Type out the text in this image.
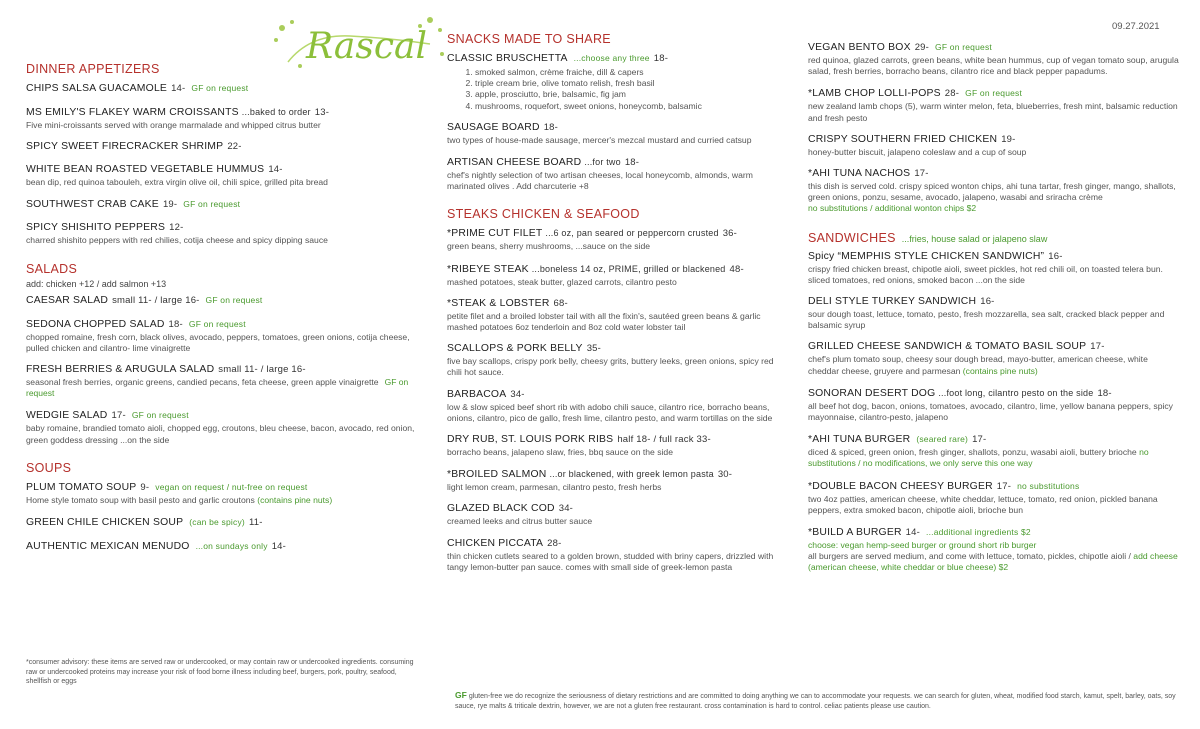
Rascal	09.27.2021
DINNER APPETIZERS
CHIPS SALSA GUACAMOLE 14- GF on request
MS EMILY'S FLAKEY WARM CROISSANTS ...baked to order 13-
Five mini-croissants served with orange marmalade and whipped citrus butter
SPICY SWEET FIRECRACKER SHRIMP 22-
WHITE BEAN ROASTED VEGETABLE HUMMUS 14-
bean dip, red quinoa tabouleh, extra virgin olive oil, chili spice, grilled pita bread
SOUTHWEST CRAB CAKE 19- GF on request
SPICY SHISHITO PEPPERS 12-
charred shishito peppers with red chilies, cotija cheese and spicy dipping sauce
SALADS
add: chicken +12 / add salmon +13
CAESAR SALAD small 11- / large 16- GF on request
SEDONA CHOPPED SALAD 18- GF on request
chopped romaine, fresh corn, black olives, avocado, peppers, tomatoes, green onions, cotija cheese, pulled chicken and cilantro- lime vinaigrette
FRESH BERRIES & ARUGULA SALAD small 11- / large 16-
seasonal fresh berries, organic greens, candied pecans, feta cheese, green apple vinaigrette GF on request
WEDGIE SALAD 17- GF on request
baby romaine, brandied tomato aioli, chopped egg, croutons, bleu cheese, bacon, avocado, red onion, green goddess dressing ...on the side
SOUPS
PLUM TOMATO SOUP 9- vegan on request / nut-free on request
Home style tomato soup with basil pesto and garlic croutons (contains pine nuts)
GREEN CHILE CHICKEN SOUP (can be spicy) 11-
AUTHENTIC MEXICAN MENUDO ...on sundays only 14-
SNACKS MADE TO SHARE
CLASSIC BRUSCHETTA ...choose any three 18-
1. smoked salmon, crème fraiche, dill & capers
2. triple cream brie, olive tomato relish, fresh basil
3. apple, prosciutto, brie, balsamic, fig jam
4. mushrooms, roquefort, sweet onions, honeycomb, balsamic
SAUSAGE BOARD 18-
two types of house-made sausage, mercer's mezcal mustard and curried catsup
ARTISAN CHEESE BOARD ...for two 18-
chef's nightly selection of two artisan cheeses, local honeycomb, almonds, warm marinated olives . Add charcuterie +8
STEAKS CHICKEN & SEAFOOD
*PRIME CUT FILET ...6 oz, pan seared or peppercorn crusted 36-
green beans, sherry mushrooms, ...sauce on the side
*RIBEYE STEAK ...boneless 14 oz, PRIME, grilled or blackened 48-
mashed potatoes, steak butter, glazed carrots, cilantro pesto
*STEAK & LOBSTER 68-
petite filet and a broiled lobster tail with all the fixin's, sautéed green beans & garlic mashed potatoes 6oz tenderloin and 8oz cold water lobster tail
SCALLOPS & PORK BELLY 35-
five bay scallops, crispy pork belly, cheesy grits, buttery leeks, green onions, spicy red chili hot sauce.
BARBACOA 34-
low & slow spiced beef short rib with adobo chili sauce, cilantro rice, borracho beans, onions, cilantro, pico de gallo, fresh lime, cilantro pesto, and warm tortillas on the side
DRY RUB, ST. LOUIS PORK RIBS half 18- / full rack 33-
borracho beans, jalapeno slaw, fries, bbq sauce on the side
*BROILED SALMON ...or blackened, with greek lemon pasta 30-
light lemon cream, parmesan, cilantro pesto, fresh herbs
GLAZED BLACK COD 34-
creamed leeks and citrus butter sauce
CHICKEN PICCATA 28-
thin chicken cutlets seared to a golden brown, studded with briny capers, drizzled with tangy lemon-butter pan sauce. comes with small side of greek-lemon pasta
VEGAN BENTO BOX 29- GF on request
red quinoa, glazed carrots, green beans, white bean hummus, cup of vegan tomato soup, arugula salad, fresh berries, borracho beans, cilantro rice and black pepper papadums.
*LAMB CHOP LOLLI-POPS 28- GF on request
new zealand lamb chops (5), warm winter melon, feta, blueberries, fresh mint, balsamic reduction and fresh pesto
CRISPY SOUTHERN FRIED CHICKEN 19-
honey-butter biscuit, jalapeno coleslaw and a cup of soup
*AHI TUNA NACHOS 17-
this dish is served cold. crispy spiced wonton chips, ahi tuna tartar, fresh ginger, mango, shallots, green onions, ponzu, sesame, avocado, jalapeno, wasabi and sriracha crème
no substitutions / additional wonton chips $2
SANDWICHES ...fries, house salad or jalapeno slaw
Spicy “MEMPHIS STYLE CHICKEN SANDWICH” 16-
crispy fried chicken breast, chipotle aioli, sweet pickles, hot red chili oil, on toasted telera bun. sliced tomatoes, red onions, smoked bacon ...on the side
DELI STYLE TURKEY SANDWICH 16-
sour dough toast, lettuce, tomato, pesto, fresh mozzarella, sea salt, cracked black pepper and balsamic syrup
GRILLED CHEESE SANDWICH & TOMATO BASIL SOUP 17-
chef's plum tomato soup, cheesy sour dough bread, mayo-butter, american cheese, white cheddar cheese, gruyere and parmesan (contains pine nuts)
SONORAN DESERT DOG ...foot long, cilantro pesto on the side 18-
all beef hot dog, bacon, onions, tomatoes, avocado, cilantro, lime, yellow banana peppers, spicy mayonnaise, cilantro-pesto, jalapeno
*AHI TUNA BURGER (seared rare) 17-
diced & spiced, green onion, fresh ginger, shallots, ponzu, wasabi aioli, buttery brioche no substitutions / no modifications, we only serve this one way
*DOUBLE BACON CHEESY BURGER 17- no substitutions
two 4oz patties, american cheese, white cheddar, lettuce, tomato, red onion, pickled banana peppers, extra smoked bacon, chipotle aioli, brioche bun
*BUILD A BURGER 14- ...additional ingredients $2
choose: vegan hemp-seed burger or ground short rib burger
all burgers are served medium, and come with lettuce, tomato, pickles, chipotle aioli / add cheese (american cheese, white cheddar or blue cheese) $2
*consumer advisory: these items are served raw or undercooked, or may contain raw or undercooked ingredients. consuming raw or undercooked proteins may increase your risk of food borne illness including beef, burgers, pork, poultry, seafood, shellfish or eggs
GF gluten-free we do recognize the seriousness of dietary restrictions and are committed to doing anything we can to accommodate your requests. we can search for gluten, wheat, modified food starch, kamut, spelt, barley, oats, soy sauce, rye malts & triticale dextrin, however, we are not a gluten free restaurant. cross contamination is hard to control. celiac patients please use caution.
